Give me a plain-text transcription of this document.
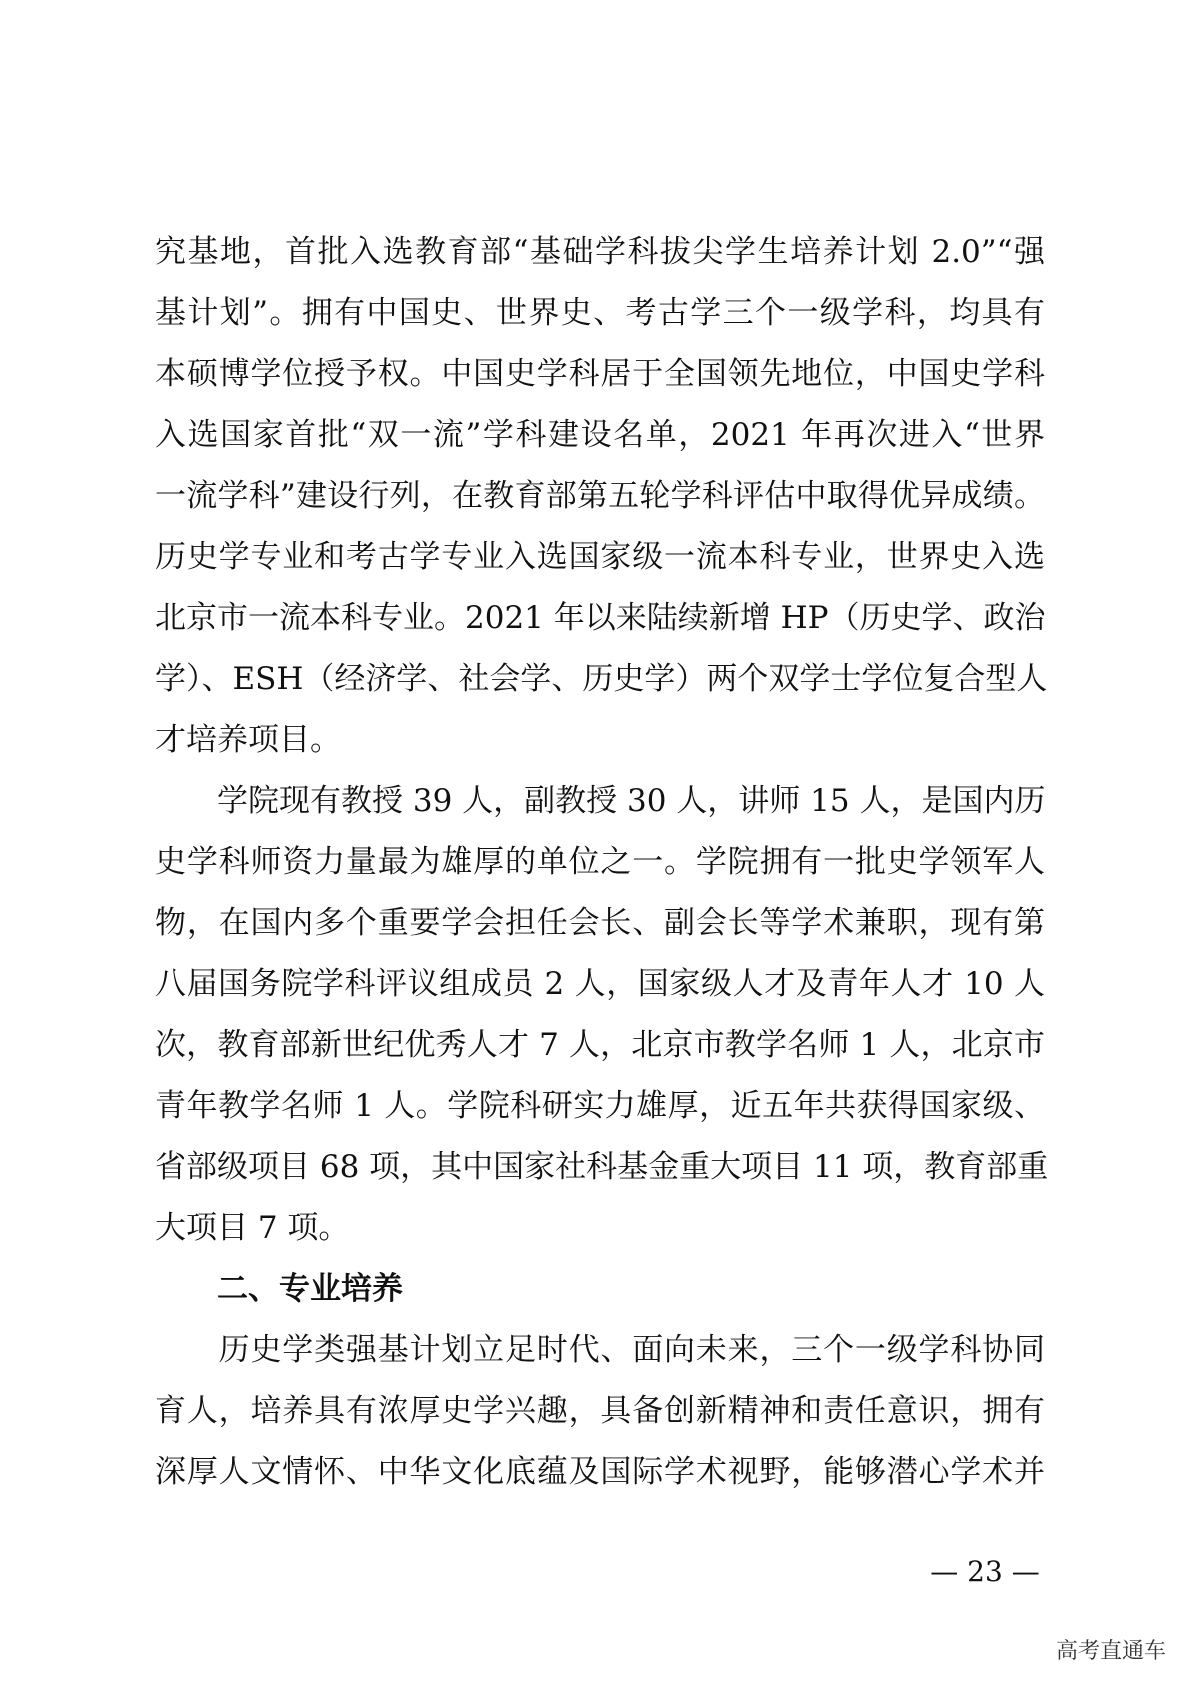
究基地，首批入选教育部“基础学科拔尖学生培养计划 2.0”“强
基计划”。拥有中国史、世界史、考古学三个一级学科，均具有
本硕博学位授予权。中国史学科居于全国领先地位，中国史学科
入选国家首批“双一流”学科建设名单，2021 年再次进入“世界
一流学科”建设行列，在教育部第五轮学科评估中取得优异成绩。
历史学专业和考古学专业入选国家级一流本科专业，世界史入选
北京市一流本科专业。2021 年以来陆续新增 HP（历史学、政治
学）、ESH（经济学、社会学、历史学）两个双学士学位复合型人
才培养项目。
　　学院现有教授 39 人，副教授 30 人，讲师 15 人，是国内历
史学科师资力量最为雄厚的单位之一。学院拥有一批史学领军人
物，在国内多个重要学会担任会长、副会长等学术兼职，现有第
八届国务院学科评议组成员 2 人，国家级人才及青年人才 10 人
次，教育部新世纪优秀人才 7 人，北京市教学名师 1 人，北京市
青年教学名师 1 人。学院科研实力雄厚，近五年共获得国家级、
省部级项目 68 项，其中国家社科基金重大项目 11 项，教育部重
大项目 7 项。
二、专业培养
　　历史学类强基计划立足时代、面向未来，三个一级学科协同
育人，培养具有浓厚史学兴趣，具备创新精神和责任意识，拥有
深厚人文情怀、中华文化底蕴及国际学术视野，能够潜心学术并
— 23 —
高考直通车
